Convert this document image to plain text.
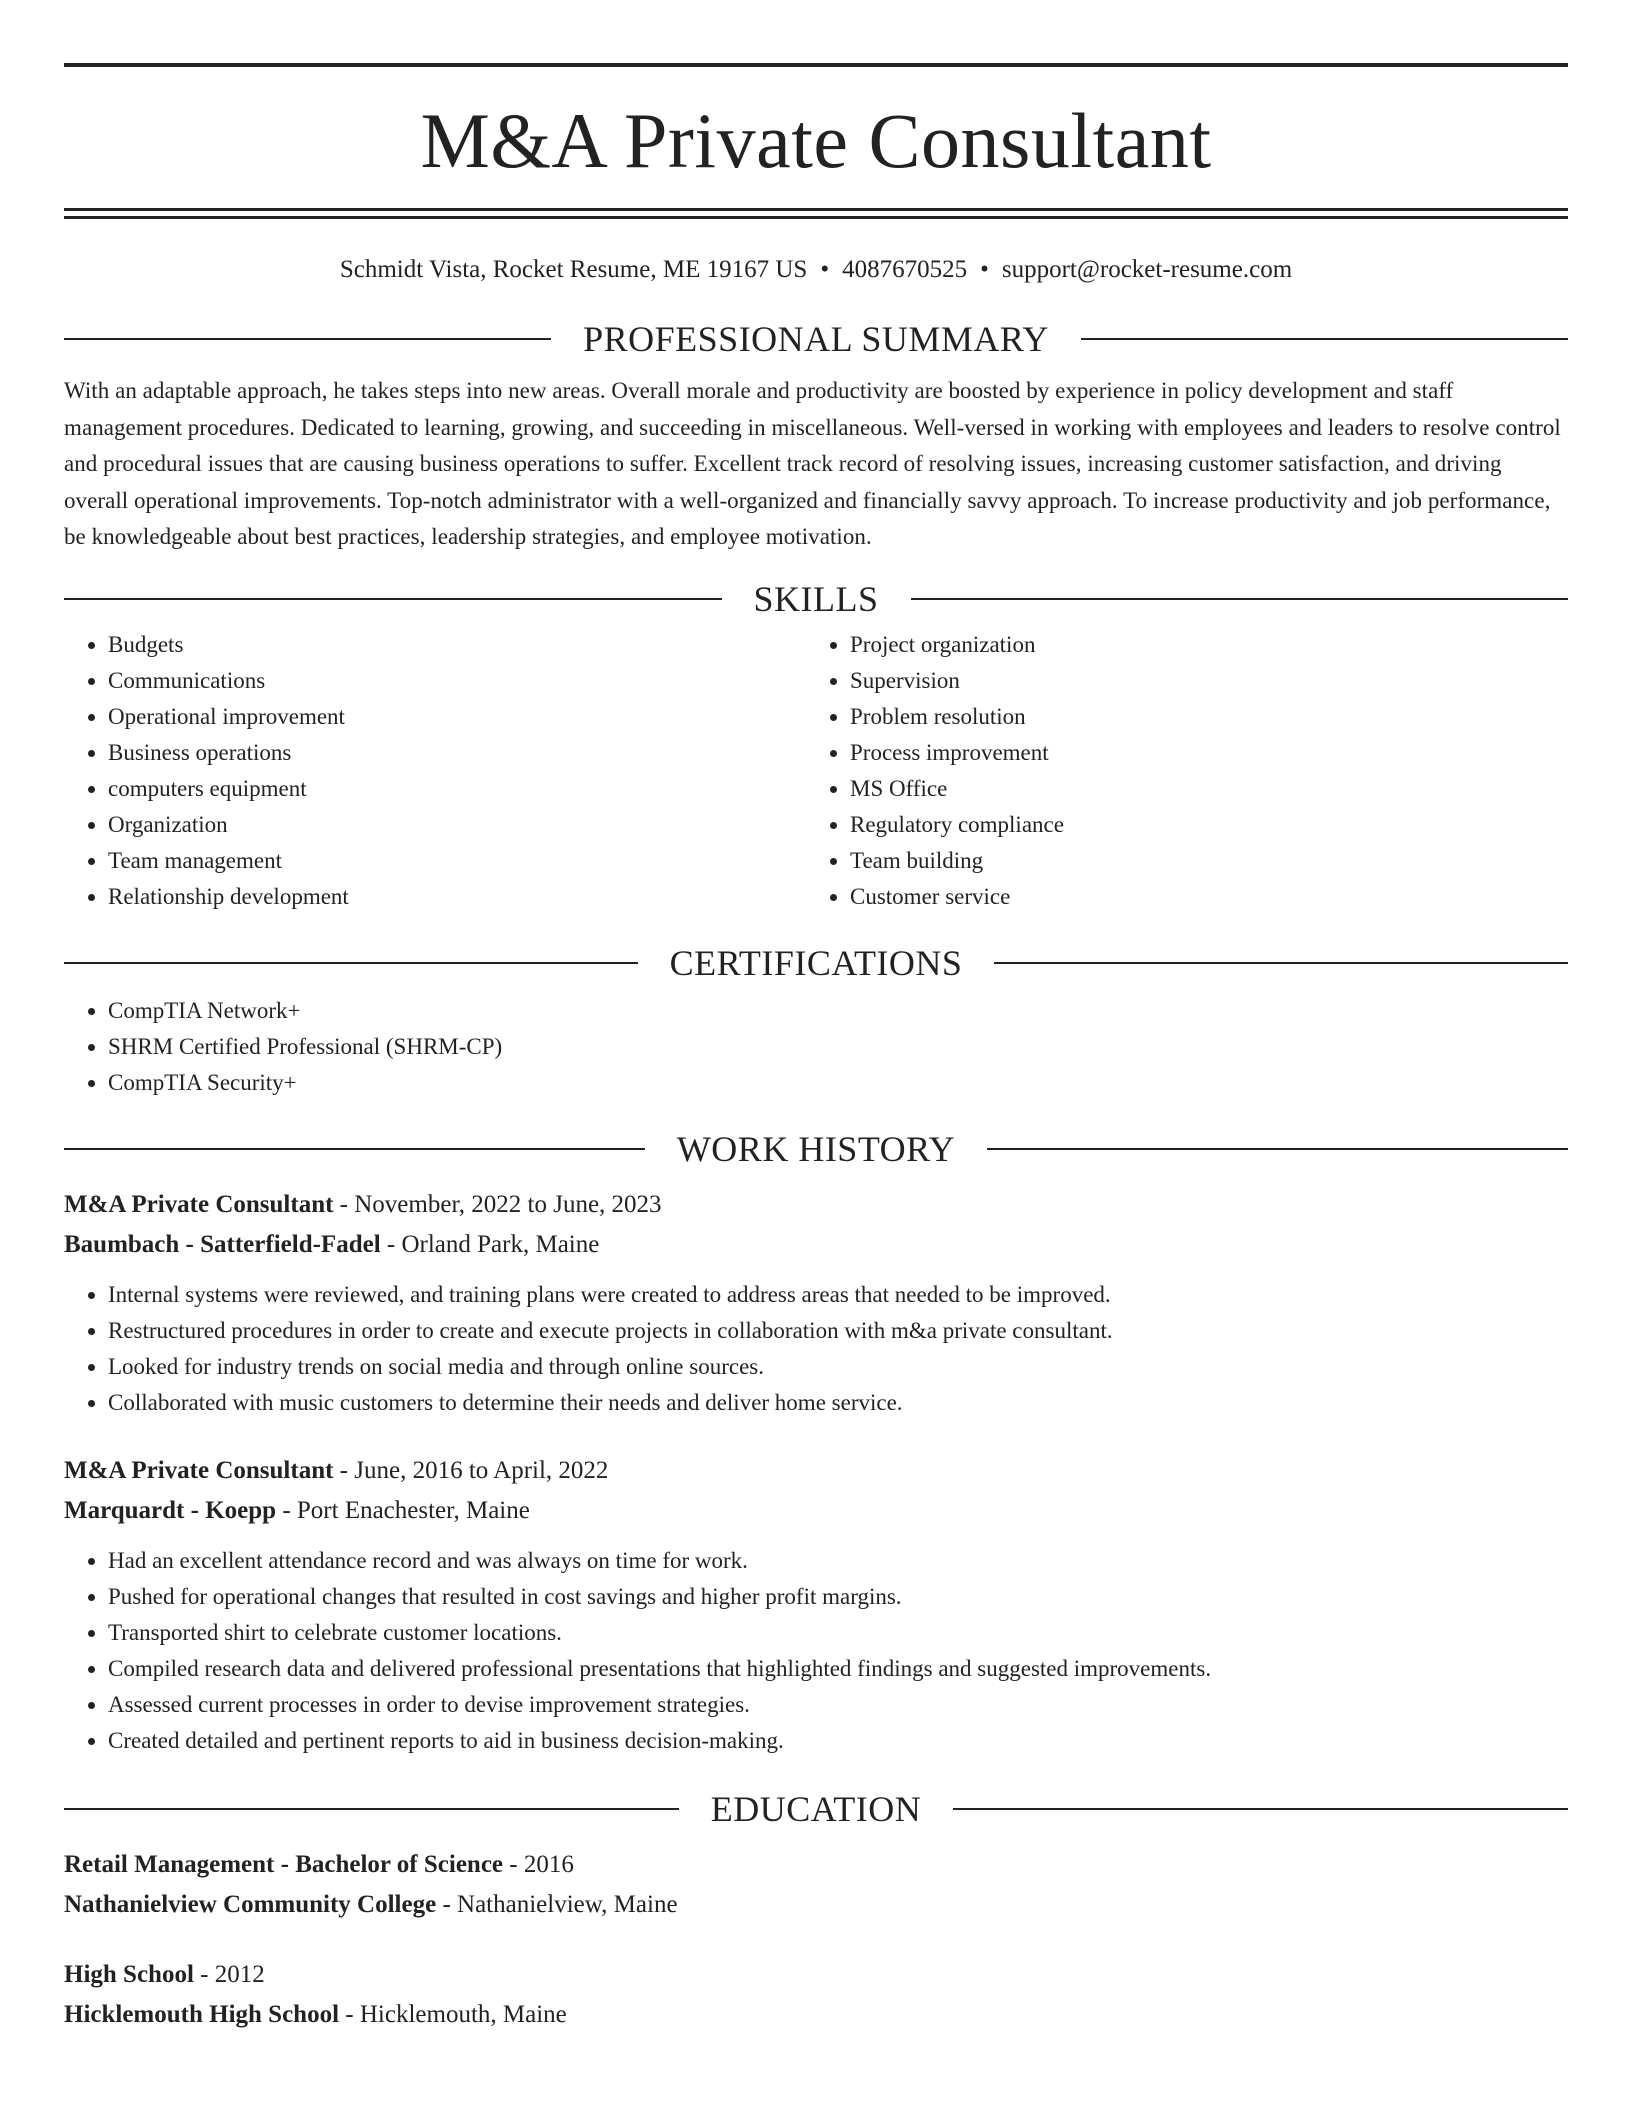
M&A Private Consultant
Schmidt Vista, Rocket Resume, ME 19167 US • 4087670525 • support@rocket-resume.com
PROFESSIONAL SUMMARY
With an adaptable approach, he takes steps into new areas. Overall morale and productivity are boosted by experience in policy development and staff management procedures. Dedicated to learning, growing, and succeeding in miscellaneous. Well-versed in working with employees and leaders to resolve control and procedural issues that are causing business operations to suffer. Excellent track record of resolving issues, increasing customer satisfaction, and driving overall operational improvements. Top-notch administrator with a well-organized and financially savvy approach. To increase productivity and job performance, be knowledgeable about best practices, leadership strategies, and employee motivation.
SKILLS
• Budgets
• Communications
• Operational improvement
• Business operations
• computers equipment
• Organization
• Team management
• Relationship development
• Project organization
• Supervision
• Problem resolution
• Process improvement
• MS Office
• Regulatory compliance
• Team building
• Customer service
CERTIFICATIONS
• CompTIA Network+
• SHRM Certified Professional (SHRM-CP)
• CompTIA Security+
WORK HISTORY
M&A Private Consultant - November, 2022 to June, 2023
Baumbach - Satterfield-Fadel - Orland Park, Maine
• Internal systems were reviewed, and training plans were created to address areas that needed to be improved.
• Restructured procedures in order to create and execute projects in collaboration with m&a private consultant.
• Looked for industry trends on social media and through online sources.
• Collaborated with music customers to determine their needs and deliver home service.
M&A Private Consultant - June, 2016 to April, 2022
Marquardt - Koepp - Port Enachester, Maine
• Had an excellent attendance record and was always on time for work.
• Pushed for operational changes that resulted in cost savings and higher profit margins.
• Transported shirt to celebrate customer locations.
• Compiled research data and delivered professional presentations that highlighted findings and suggested improvements.
• Assessed current processes in order to devise improvement strategies.
• Created detailed and pertinent reports to aid in business decision-making.
EDUCATION
Retail Management - Bachelor of Science - 2016
Nathanielview Community College - Nathanielview, Maine
High School - 2012
Hicklemouth High School - Hicklemouth, Maine
